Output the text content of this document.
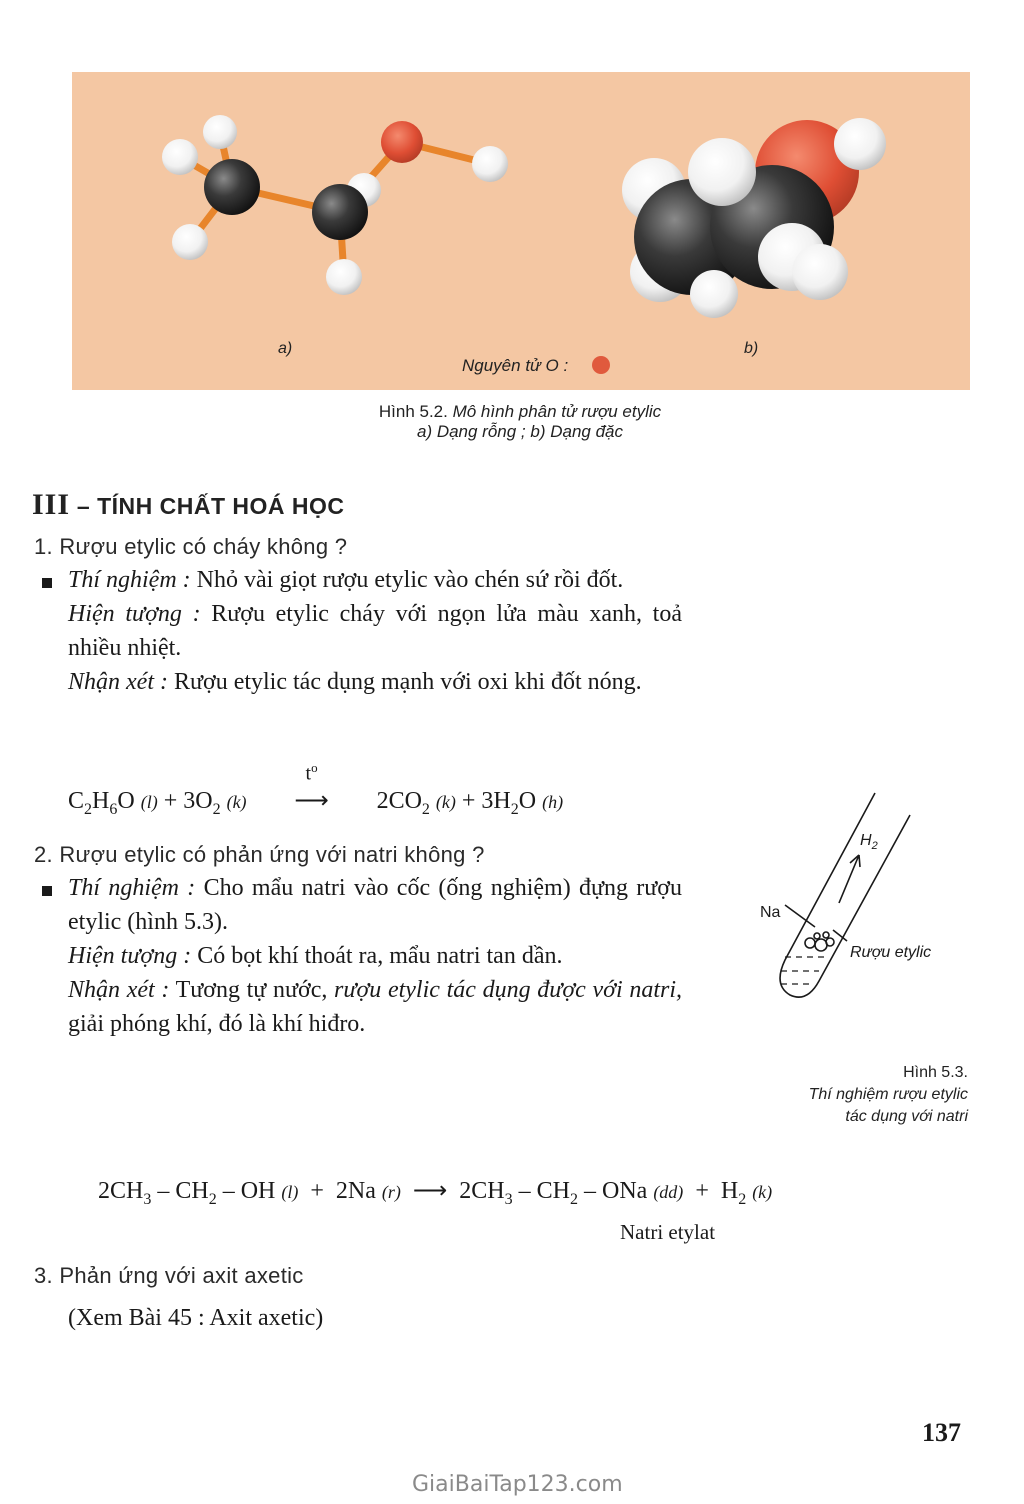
a)	b)
Nguyên tử O :
Hình 5.2. Mô hình phân tử rượu etylic
a) Dạng rỗng ; b) Dạng đặc
III – TÍNH CHẤT HOÁ HỌC
1. Rượu etylic có cháy không ?
Thí nghiệm : Nhỏ vài giọt rượu etylic vào chén sứ rồi đốt.
Hiện tượng : Rượu etylic cháy với ngọn lửa màu xanh, toả nhiều nhiệt.
Nhận xét : Rượu etylic tác dụng mạnh với oxi khi đốt nóng.
$C_2H_6O$ $(l) + 3O_2$ (k)
$t^o$
⟶ $2CO_2$ $(k) + 3H_2O$ (h)
2. Rượu etylic có phản ứng với natri không ?
Thí nghiệm : Cho mẩu natri vào cốc (ống nghiệm) đựng rượu etylic (hình 5.3).
Hiện tượng : Có bọt khí thoát ra, mẩu natri tan dần.
Nhận xét : Tương tự nước, rượu etylic tác dụng được với natri, giải phóng khí, đó là khí hiđro.
Na
$H_2$
Rượu etylic
Hình 5.3.
Thí nghiệm rượu etylic
tác dụng với natri
$2CH_3 - CH_2$ – OH (l)  +  2Na (r)  ⟶  $2CH_3 - CH_2$ – ONa $(dd) + H_2$ (k)
Natri etylat
3. Phản ứng với axit axetic
(Xem Bài 45 : Axit axetic)
137
GiaiBaiTap123.com
